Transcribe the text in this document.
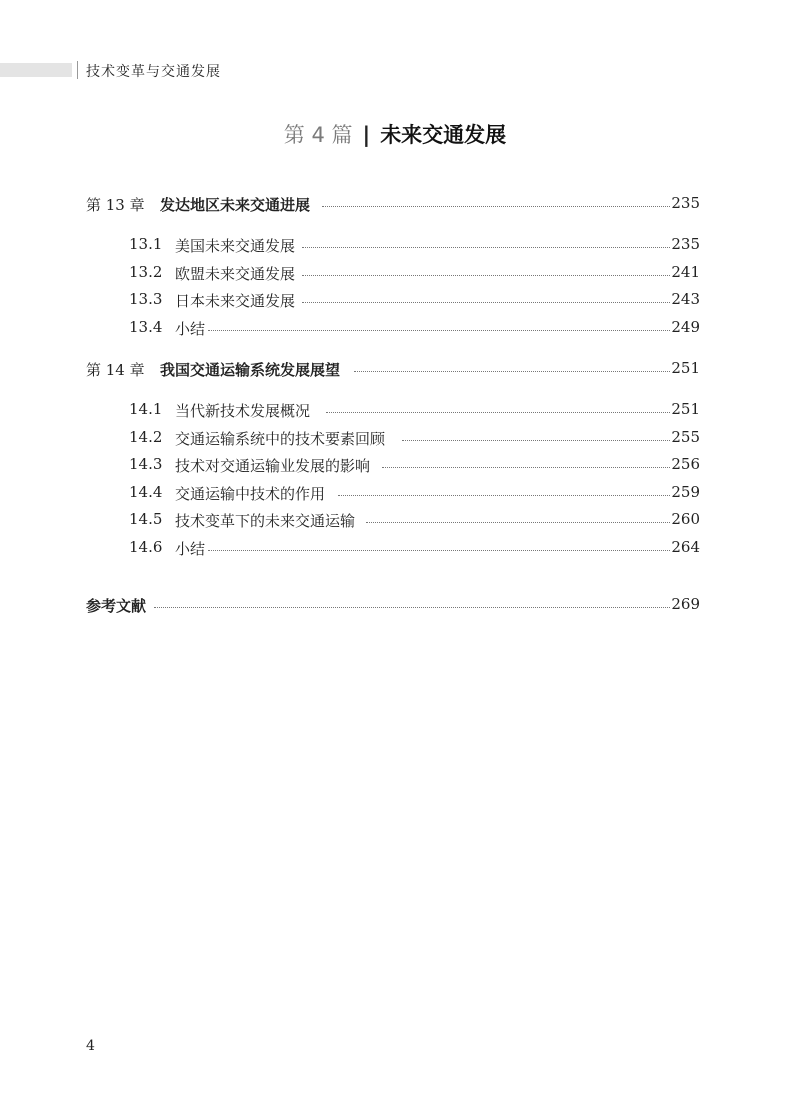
技术变革与交通发展
第 4 篇 | 未来交通发展
第 13 章 发达地区未来交通进展	235
13.1 美国未来交通发展	235
13.2 欧盟未来交通发展	241
13.3 日本未来交通发展	243
13.4 小结	249
第 14 章 我国交通运输系统发展展望	251
14.1 当代新技术发展概况	251
14.2 交通运输系统中的技术要素回顾	255
14.3 技术对交通运输业发展的影响	256
14.4 交通运输中技术的作用	259
14.5 技术变革下的未来交通运输	260
14.6 小结	264
参考文献	269
4
